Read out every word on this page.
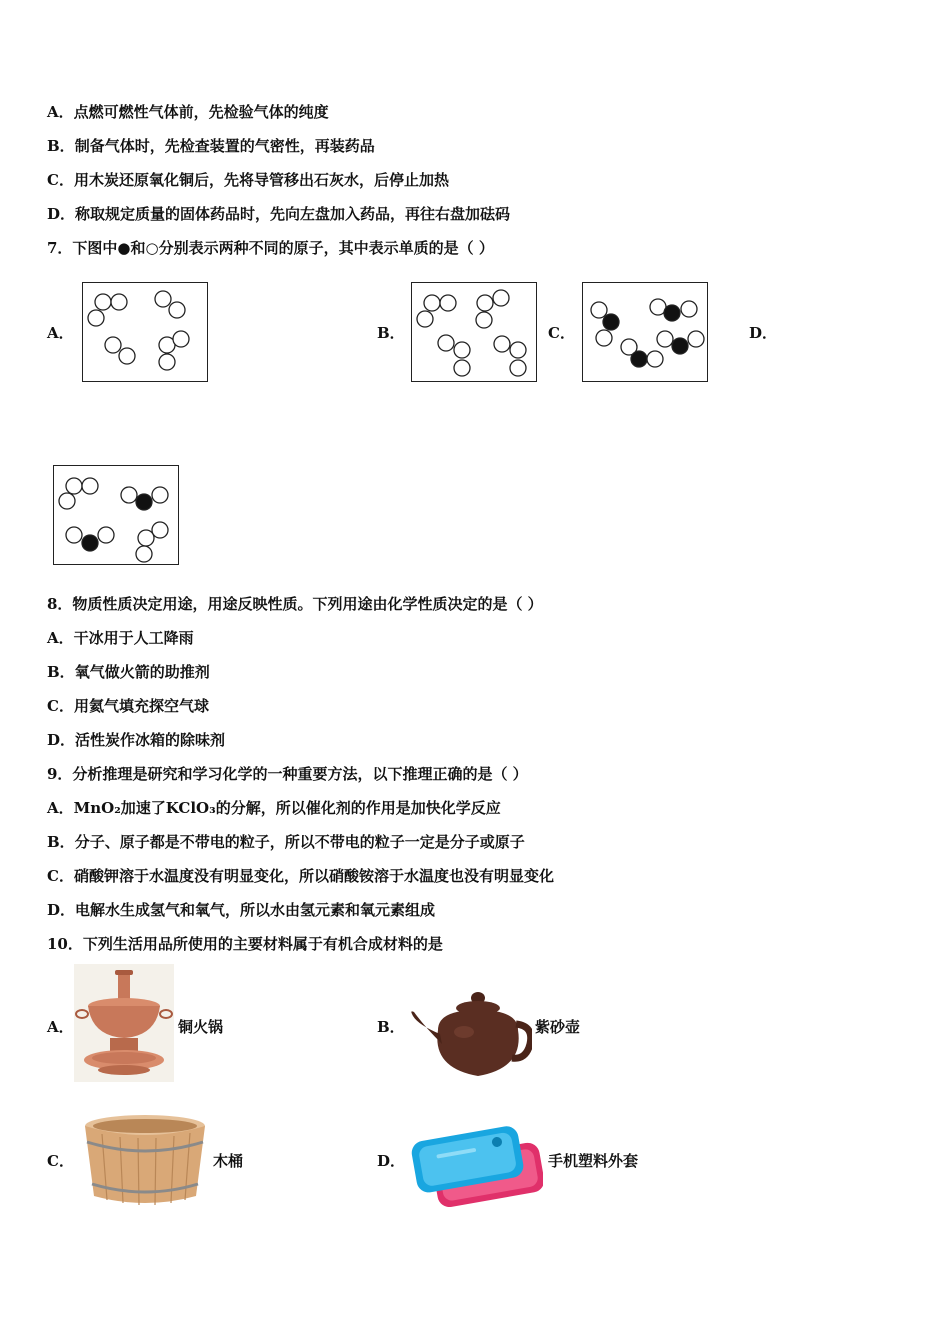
A．点燃可燃性气体前，先检验气体的纯度
B．制备气体时，先检查装置的气密性，再装药品
C．用木炭还原氧化铜后，先将导管移出石灰水，后停止加热
D．称取规定质量的固体药品时，先向左盘加入药品，再往右盘加砝码
7．下图中●和○分别表示两种不同的原子，其中表示单质的是（ ）
A．	B．	C．	D．
8．物质性质决定用途，用途反映性质。下列用途由化学性质决定的是（ ）
A．干冰用于人工降雨
B．氧气做火箭的助推剂
C．用氦气填充探空气球
D．活性炭作冰箱的除味剂
9．分析推理是研究和学习化学的一种重要方法，以下推理正确的是（ ）
A．MnO₂加速了KClO₃的分解，所以催化剂的作用是加快化学反应
B．分子、原子都是不带电的粒子，所以不带电的粒子一定是分子或原子
C．硝酸钾溶于水温度没有明显变化，所以硝酸铵溶于水温度也没有明显变化
D．电解水生成氢气和氧气，所以水由氢元素和氧元素组成
10．下列生活用品所使用的主要材料属于有机合成材料的是
A．	铜火锅	B．	紫砂壶
C．	木桶	D．	手机塑料外套
